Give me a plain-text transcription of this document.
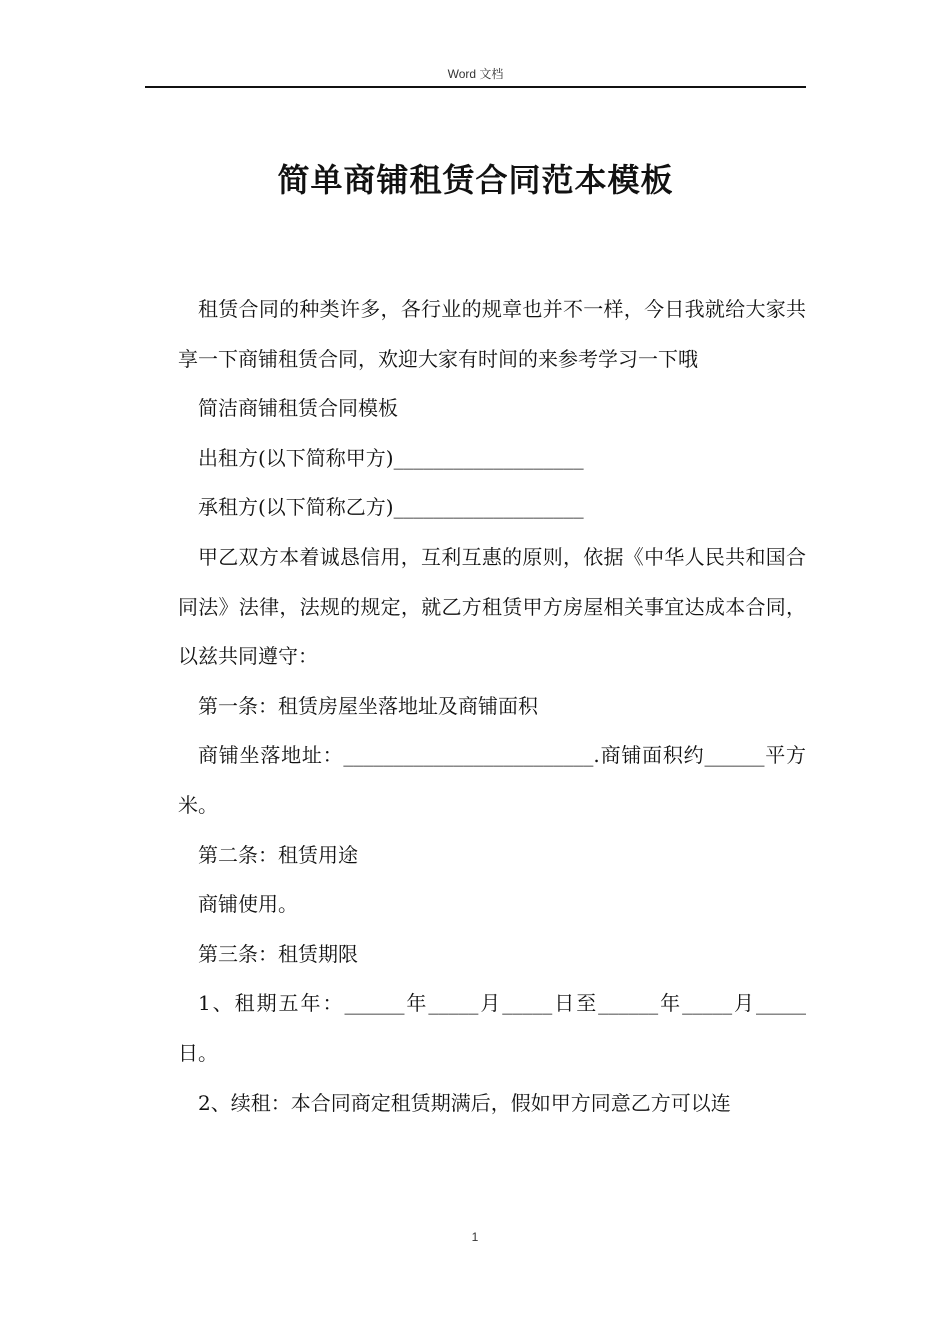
Word 文档
简单商铺租赁合同范本模板

租赁合同的种类许多，各行业的规章也并不一样，今日我就给大家共享一下商铺租赁合同，欢迎大家有时间的来参考学习一下哦

简洁商铺租赁合同模板

出租方(以下简称甲方)___________________

承租方(以下简称乙方)___________________

甲乙双方本着诚恳信用，互利互惠的原则，依据《中华人民共和国合同法》法律，法规的规定，就乙方租赁甲方房屋相关事宜达成本合同，以兹共同遵守：

第一条：租赁房屋坐落地址及商铺面积

商铺坐落地址：_________________________.商铺面积约______平方米。

第二条：租赁用途

商铺使用。

第三条：租赁期限

1、租期五年：______年_____月_____日至______年_____月_____日。

2、续租：本合同商定租赁期满后，假如甲方同意乙方可以连

1
